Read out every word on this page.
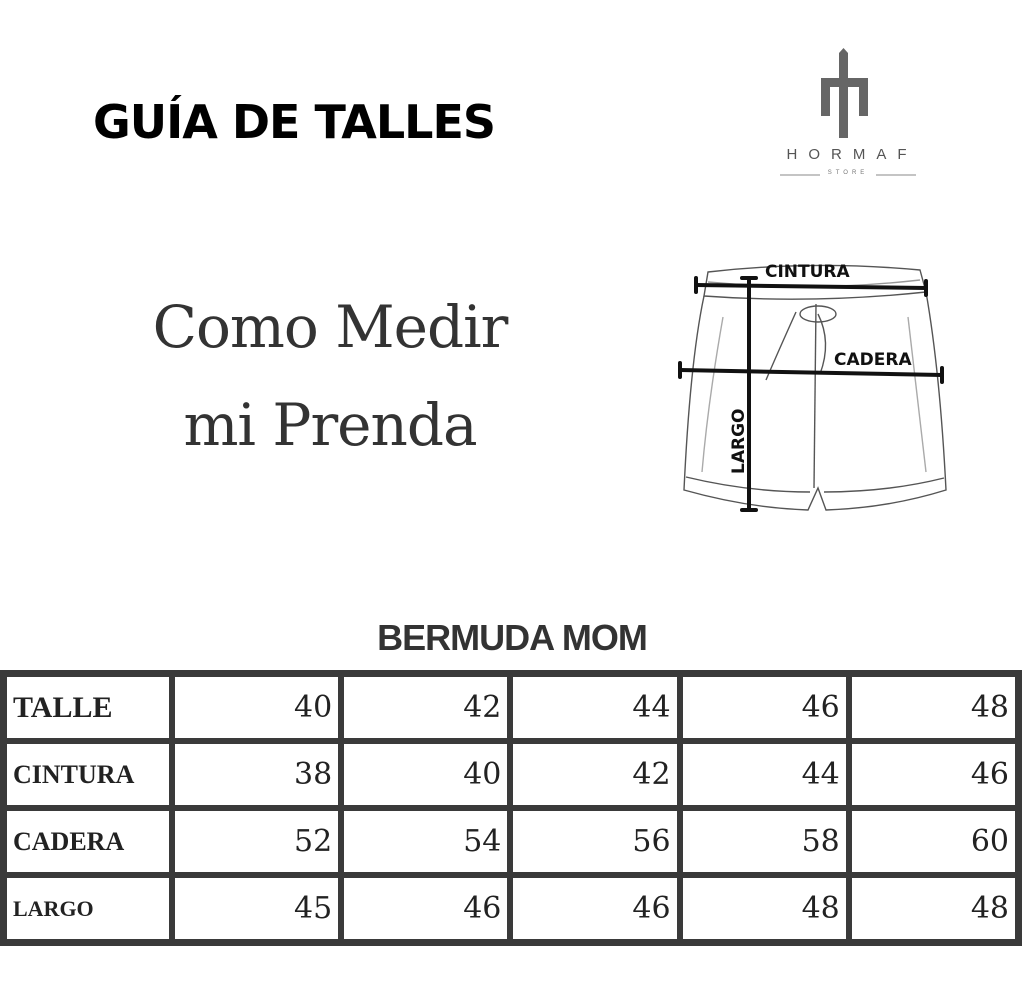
GUÍA DE TALLES
HORMAF
STORE
Como Medir
mi Prenda
CINTURA
CADERA
LARGO
BERMUDA MOM
TALLE	40	42	44	46	48
CINTURA	38	40	42	44	46
CADERA	52	54	56	58	60
LARGO	45	46	46	48	48
